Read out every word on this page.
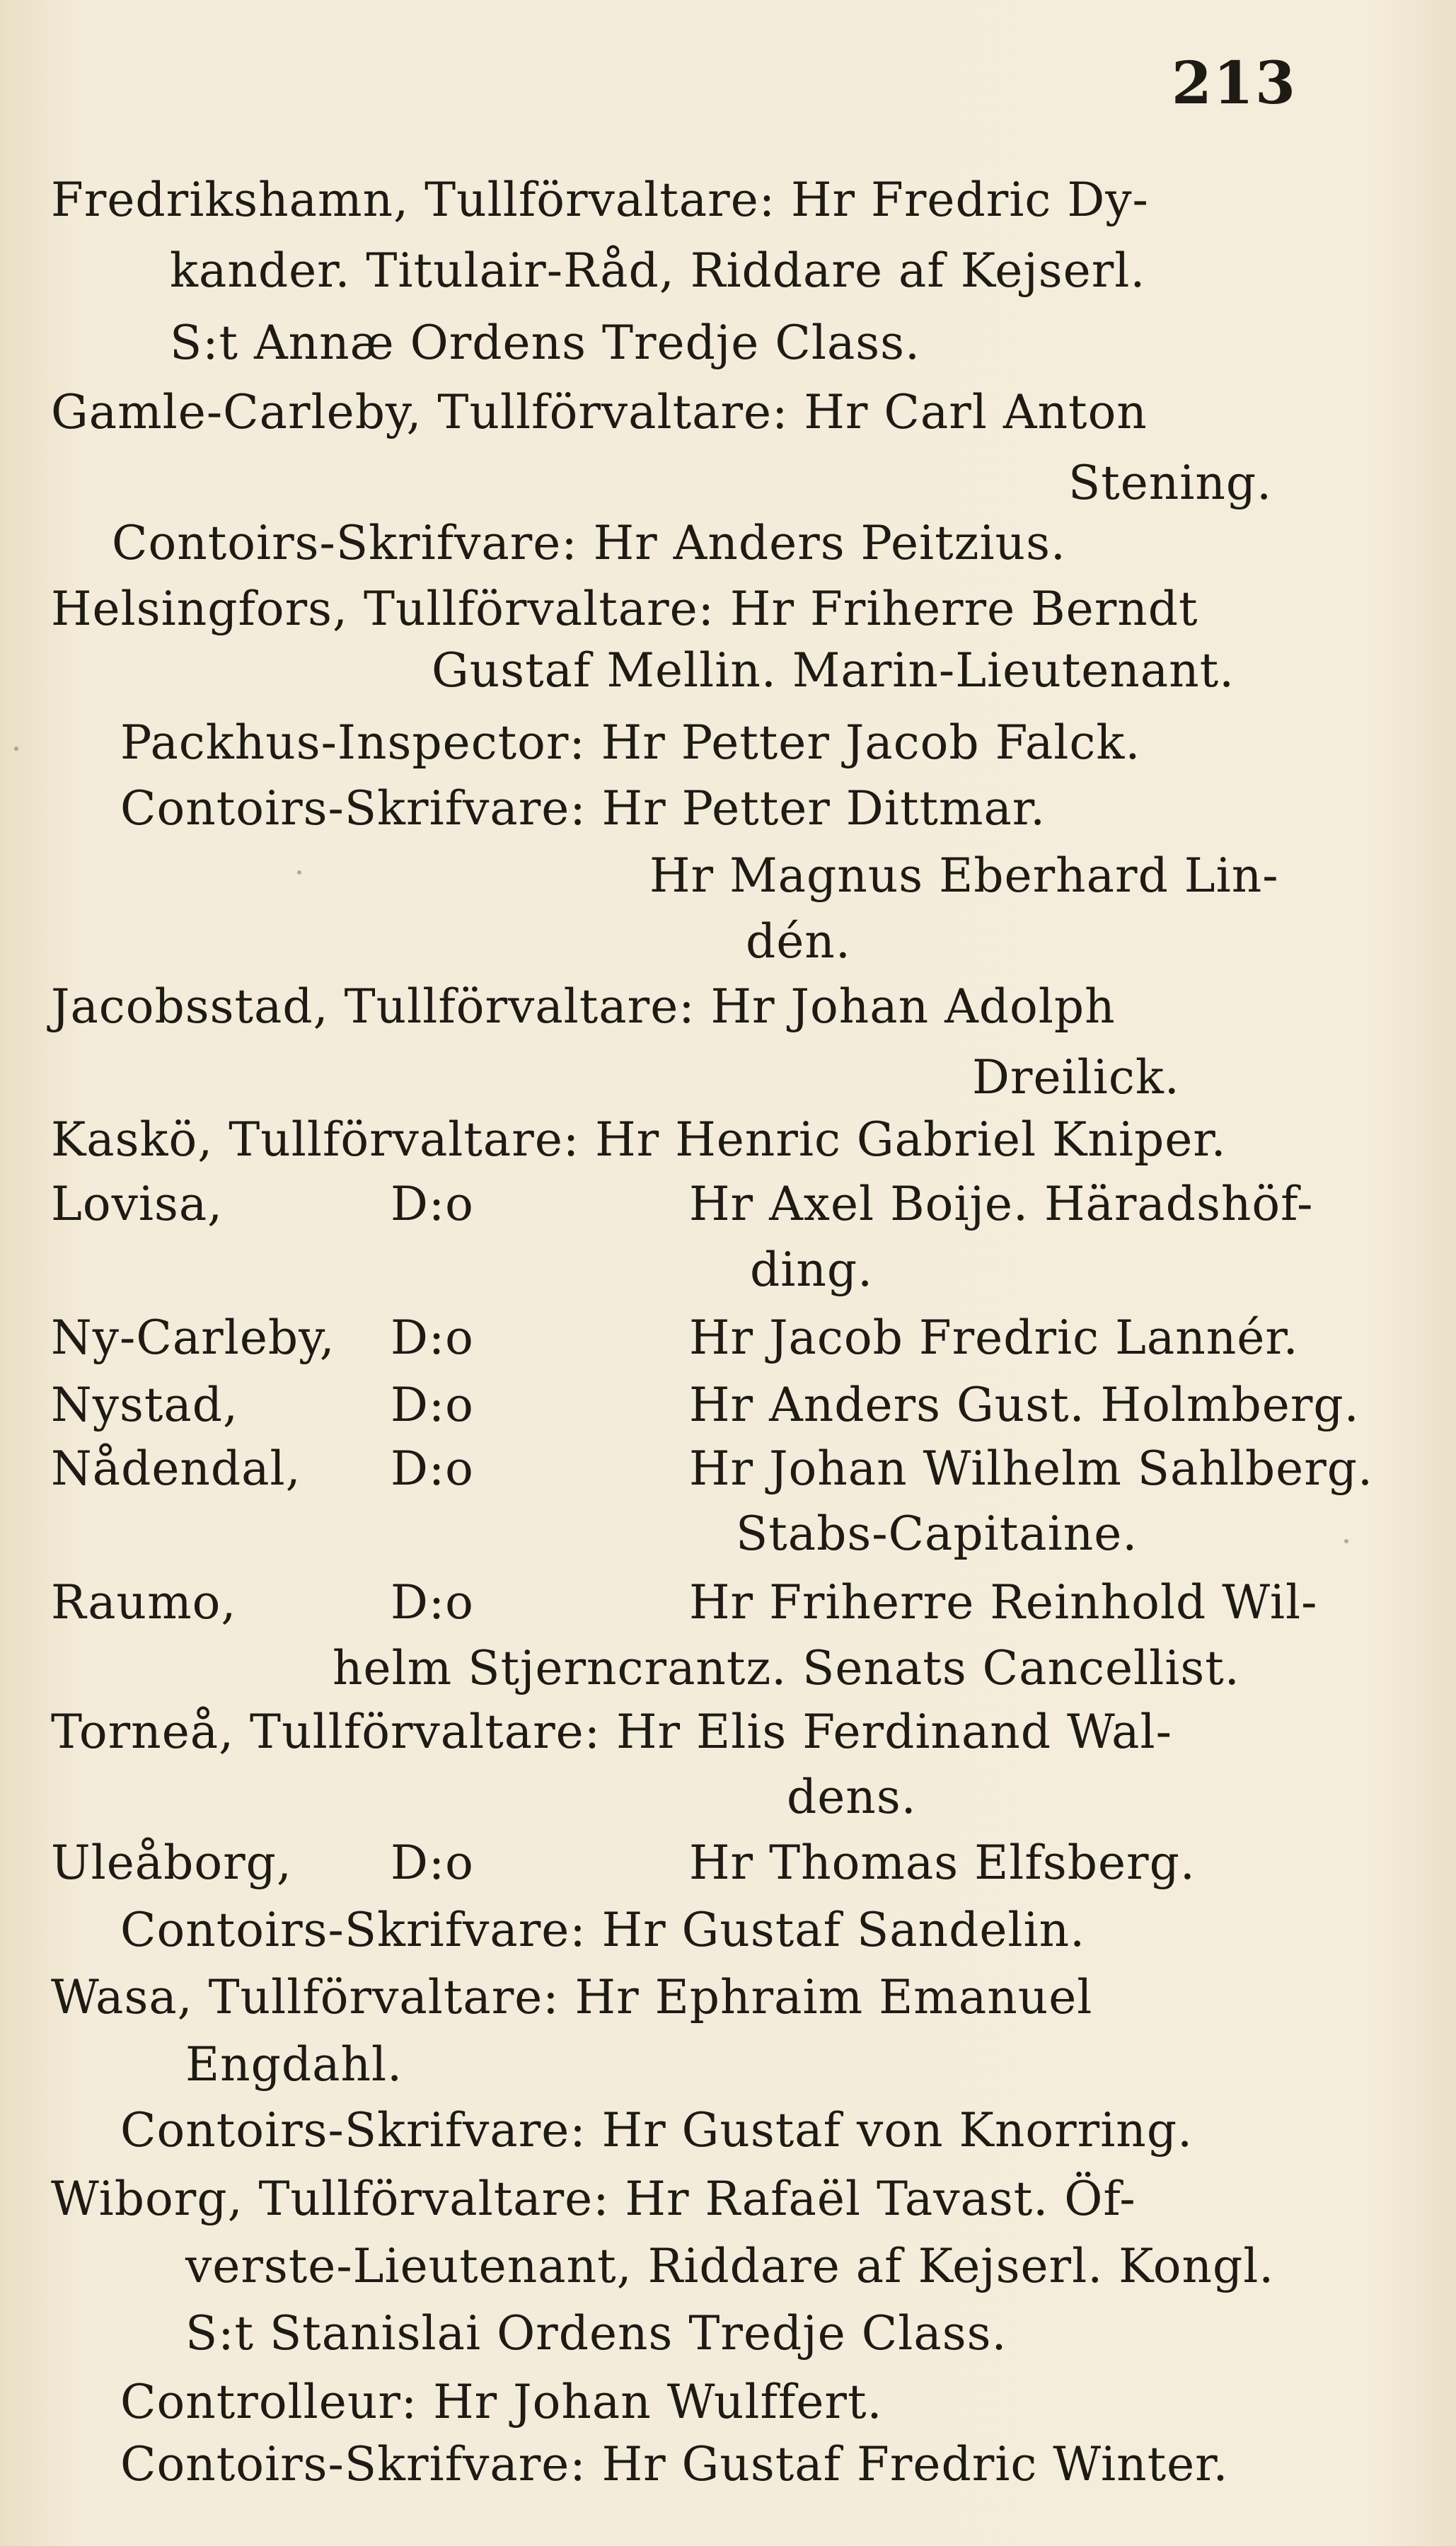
213
Fredrikshamn, Tullförvaltare: Hr Fredric Dy-
kander. Titulair-Råd, Riddare af Kejserl.
S:t Annæ Ordens Tredje Class.
Gamle-Carleby, Tullförvaltare: Hr Carl Anton
Stening.
Contoirs-Skrifvare: Hr Anders Peitzius.
Helsingfors, Tullförvaltare: Hr Friherre Berndt
Gustaf Mellin. Marin-Lieutenant.
Packhus-Inspector: Hr Petter Jacob Falck.
Contoirs-Skrifvare: Hr Petter Dittmar.
Hr Magnus Eberhard Lin-
dén.
Jacobsstad, Tullförvaltare: Hr Johan Adolph
Dreilick.
Kaskö, Tullförvaltare: Hr Henric Gabriel Kniper.
Lovisa,	D:o	Hr Axel Boije. Häradshöf-
ding.
Ny-Carleby, D:o	Hr Jacob Fredric Lannér.
Nystad,	D:o	Hr Anders Gust. Holmberg.
Nådendal, D:o	Hr Johan Wilhelm Sahlberg.
Stabs-Capitaine.
Raumo,	D:o	Hr Friherre Reinhold Wil-
helm Stjerncrantz. Senats Cancellist.
Torneå, Tullförvaltare: Hr Elis Ferdinand Wal-
dens.
Uleåborg, D:o	Hr Thomas Elfsberg.
Contoirs-Skrifvare: Hr Gustaf Sandelin.
Wasa, Tullförvaltare: Hr Ephraim Emanuel
Engdahl.
Contoirs-Skrifvare: Hr Gustaf von Knorring.
Wiborg, Tullförvaltare: Hr Rafaël Tavast. Öf-
verste-Lieutenant, Riddare af Kejserl. Kongl.
S:t Stanislai Ordens Tredje Class.
Controlleur: Hr Johan Wulffert.
Contoirs-Skrifvare: Hr Gustaf Fredric Winter.
